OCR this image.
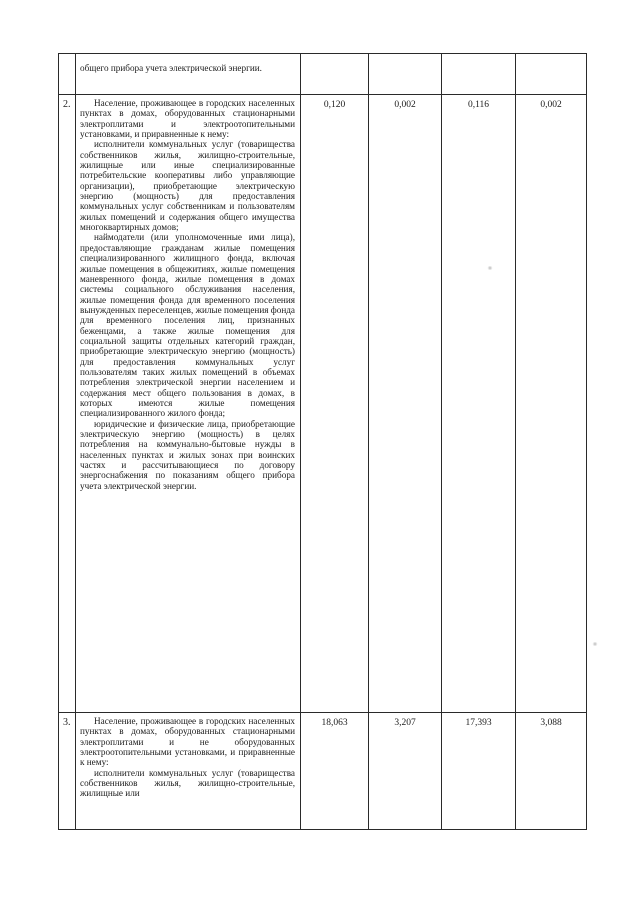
	общего прибора учета электрической энергии.				

2.	Население, проживающее в городских населенных пунктах в домах, оборудованных стационарными электроплитами и электроотопительными установками, и приравненные к нему:

исполнители коммунальных услуг (товарищества собственников жилья, жилищно-строительные, жилищные или иные специализированные потребительские кооперативы либо управляющие организации), приобретающие электрическую энергию (мощность) для предоставления коммунальных услуг собственникам и пользователям жилых помещений и содержания общего имущества многоквартирных домов;

наймодатели (или уполномоченные ими лица), предоставляющие гражданам жилые помещения специализированного жилищного фонда, включая жилые помещения в общежитиях, жилые помещения маневренного фонда, жилые помещения в домах системы социального обслуживания населения, жилые помещения фонда для временного поселения вынужденных переселенцев, жилые помещения фонда для временного поселения лиц, признанных беженцами, а также жилые помещения для социальной защиты отдельных категорий граждан, приобретающие электрическую энергию (мощность) для предоставления коммунальных услуг пользователям таких жилых помещений в объемах потребления электрической энергии населением и содержания мест общего пользования в домах, в которых имеются жилые помещения специализированного жилого фонда;

юридические и физические лица, приобретающие электрическую энергию (мощность) в целях потребления на коммунально-бытовые нужды в населенных пунктах и жилых зонах при воинских частях и рассчитывающиеся по договору энергоснабжения по показаниям общего прибора учета электрической энергии.	0,120	0,002	0,116	0,002
3.	Население, проживающее в городских населенных пунктах в домах, оборудованных стационарными электроплитами и не оборудованных электроотопительными установками, и приравненные к нему:

исполнители коммунальных услуг (товарищества собственников жилья, жилищно-строительные, жилищные или	18,063	3,207	17,393	3,088
